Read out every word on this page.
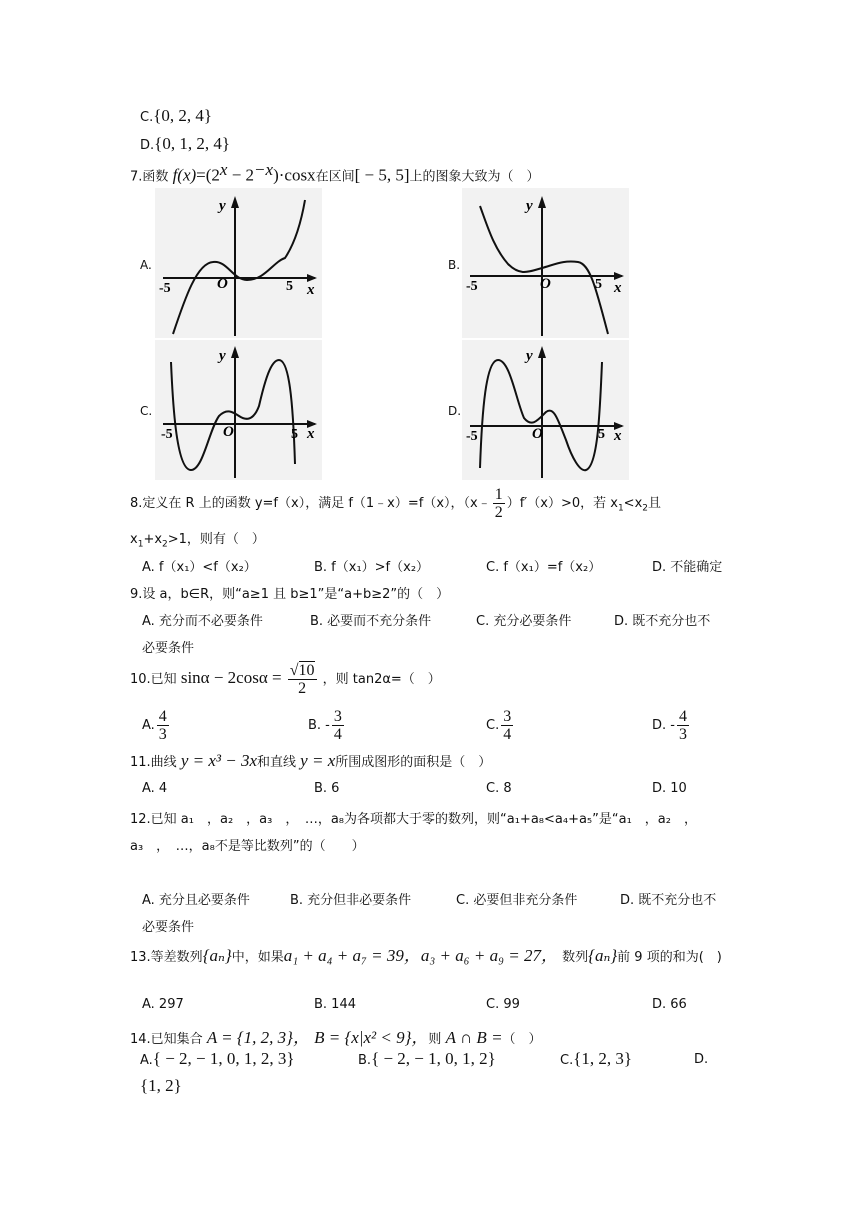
C.{0, 2, 4}
D.{0, 1, 2, 4}
7.函数 $f(x)=(2^x - 2^{-x})\cdot\cos x$在区间[ − 5, 5]上的图象大致为（　）
A.
y
x
O
-5	5
B.
y
x
O
-5	5
C.
y
x
O
-5	5
D.
y
x
O
-5	5
8.定义在 R 上的函数 y=f（x），满足 f（1﹣x）=f（x），（x﹣ $\frac{1}{2} )f'(x)>0$，若 $x_1<x_2$且
$x_1+x_2>1$，则有（　）
A. f（x₁）<f（x₂）	B. f（x₁）>f（x₂）	C. f（x₁）=f（x₂）	D. 不能确定
9.设 a，b∈R，则“a≥1 且 b≥1”是“a+b≥2”的（　）
A. 充分而不必要条件	B. 必要而不充分条件	C. 充分必要条件	D. 既不充分也不
必要条件
10.已知 $\sin\alpha - 2\cos\alpha = \frac{√10}{2}$ ，则 tan2α=（　）
A. $\frac{4}{3}$	B. - $\frac{3}{4}$	C. $\frac{3}{4}$	D. - $\frac{4}{3}$
11.曲线 y = x³ − 3x和直线 y = x所围成图形的面积是（　）
A. 4	B. 6	C. 8	D. 10
12.已知 a₁　，a₂　，a₃　，　…，a₈为各项都大于零的数列，则“a₁+a₈<a₄+a₅”是“a₁　，a₂　，
a₃　，　…，a₈不是等比数列”的（　　）
A. 充分且必要条件	B. 充分但非必要条件	C. 必要但非充分条件	D. 既不充分也不
必要条件
13.等差数列{aₙ}中，如果a₁ + a₄ + a₇ = 39，a₃ + a₆ + a₉ = 27， 数列{aₙ}前 9 项的和为(　)
A. 297	B. 144	C. 99	D. 66
14.已知集合 A = {1, 2, 3}， B = {x|x² < 9}，则 A ∩ B =（　）
A.{ − 2, − 1, 0, 1, 2, 3}	B.{ − 2, − 1, 0, 1, 2}	C.{1, 2, 3}	D.
{1, 2}
